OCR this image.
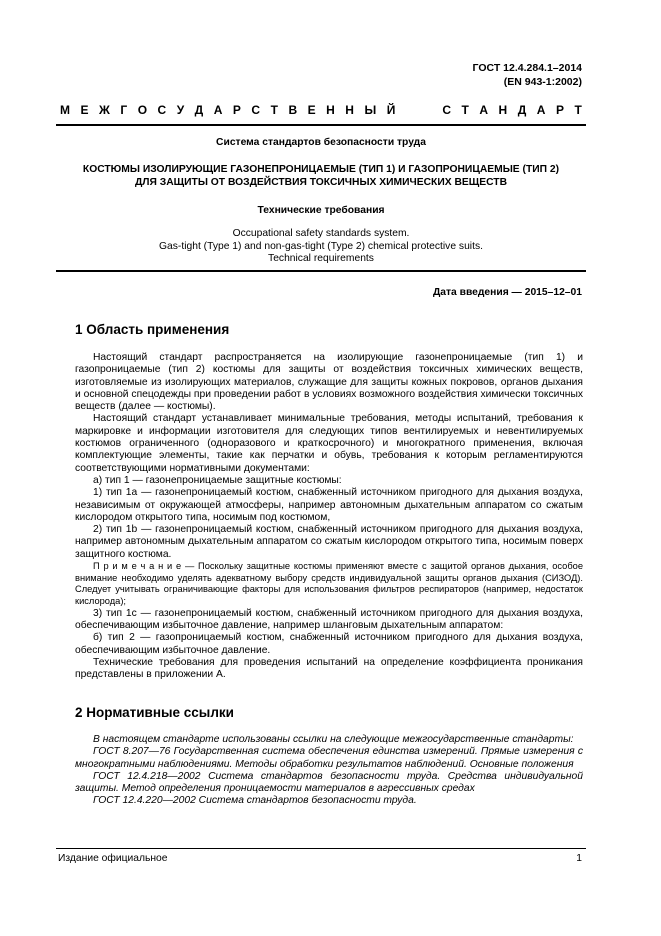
ГОСТ 12.4.284.1–2014
(EN 943-1:2002)
М Е Ж Г О С У Д А Р С Т В Е Н Н Ы Й	С Т А Н Д А Р Т
Система стандартов безопасности труда
КОСТЮМЫ ИЗОЛИРУЮЩИЕ ГАЗОНЕПРОНИЦАЕМЫЕ (ТИП 1) И ГАЗОПРОНИЦАЕМЫЕ (ТИП 2)
ДЛЯ ЗАЩИТЫ ОТ ВОЗДЕЙСТВИЯ ТОКСИЧНЫХ ХИМИЧЕСКИХ ВЕЩЕСТВ
Технические требования
Occupational safety standards system.
Gas-tight (Type 1) and non-gas-tight (Type 2) chemical protective suits.
Technical requirements
Дата введения — 2015–12–01
1 Область применения
Настоящий стандарт распространяется на изолирующие газонепроницаемые (тип 1) и газопроницаемые (тип 2) костюмы для защиты от воздействия токсичных химических веществ, изготовляемые из изолирующих материалов, служащие для защиты кожных покровов, органов дыхания и основной спецодежды при проведении работ в условиях возможного воздействия химически токсичных веществ (далее — костюмы).
Настоящий стандарт устанавливает минимальные требования, методы испытаний, требования к маркировке и информации изготовителя для следующих типов вентилируемых и невентилируемых костюмов ограниченного (одноразового и краткосрочного) и многократного применения, включая комплектующие элементы, такие как перчатки и обувь, требования к которым регламентируются соответствующими нормативными документами:
а) тип 1 — газонепроницаемые защитные костюмы:
1) тип 1а — газонепроницаемый костюм, снабженный источником пригодного для дыхания воздуха, независимым от окружающей атмосферы, например автономным дыхательным аппаратом со сжатым кислородом открытого типа, носимым под костюмом,
2) тип 1b — газонепроницаемый костюм, снабженный источником пригодного для дыхания воздуха, например автономным дыхательным аппаратом со сжатым кислородом открытого типа, носимым поверх защитного костюма.
П р и м е ч а н и е — Поскольку защитные костюмы применяют вместе с защитой органов дыхания, особое внимание необходимо уделять адекватному выбору средств индивидуальной защиты органов дыхания (СИЗОД). Следует учитывать ограничивающие факторы для использования фильтров респираторов (например, недостаток кислорода);
3) тип 1с — газонепроницаемый костюм, снабженный источником пригодного для дыхания воздуха, обеспечивающим избыточное давление, например шланговым дыхательным аппаратом:
б) тип 2 — газопроницаемый костюм, снабженный источником пригодного для дыхания воздуха, обеспечивающим избыточное давление.
Технические требования для проведения испытаний на определение коэффициента проникания представлены в приложении А.
2 Нормативные ссылки
В настоящем стандарте использованы ссылки на следующие межгосударственные стандарты:
ГОСТ 8.207—76 Государственная система обеспечения единства измерений. Прямые измерения с многократными наблюдениями. Методы обработки результатов наблюдений. Основные положения
ГОСТ 12.4.218—2002 Система стандартов безопасности труда. Средства индивидуальной защиты. Метод определения проницаемости материалов в агрессивных средах
ГОСТ 12.4.220—2002 Система стандартов безопасности труда.
Издание официальное	1
